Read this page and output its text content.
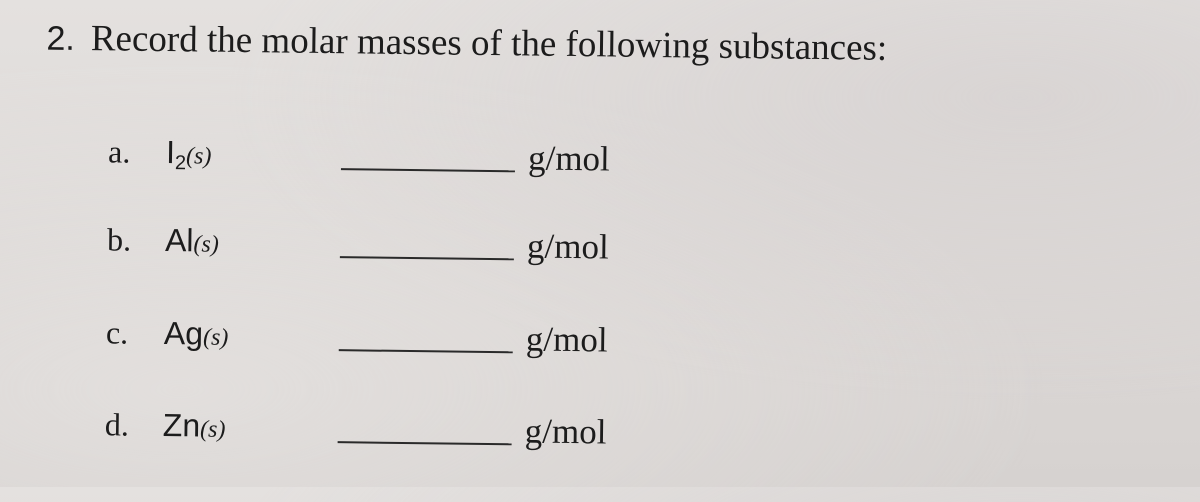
2. Record the molar masses of the following substances:
a. I2(s)	g/mol
b. Al(s)	g/mol
c. Ag(s)	g/mol
d. Zn(s)	g/mol
